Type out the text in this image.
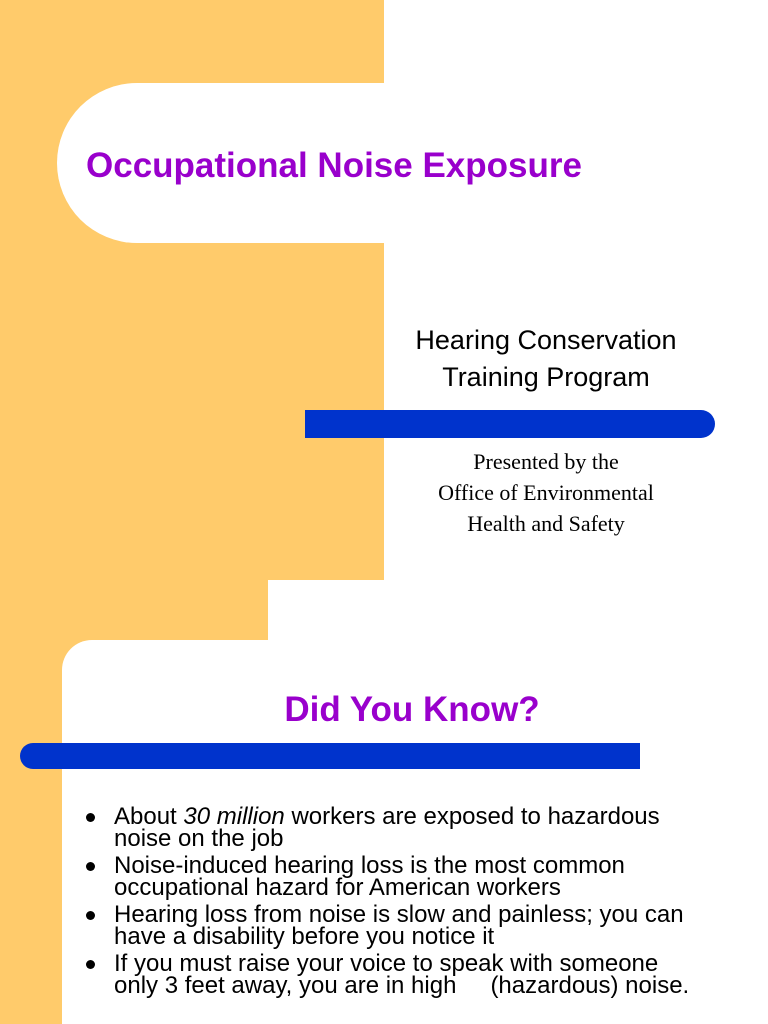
Occupational Noise Exposure

Hearing Conservation
Training Program

Presented by the
Office of Environmental
Health and Safety

Did You Know?
About 30 million workers are exposed to hazardous
noise on the job
Noise-induced hearing loss is the most common
occupational hazard for American workers
Hearing loss from noise is slow and painless; you can
have a disability before you notice it
If you must raise your voice to speak with someone
only 3 feet away, you are in high (hazardous) noise.
